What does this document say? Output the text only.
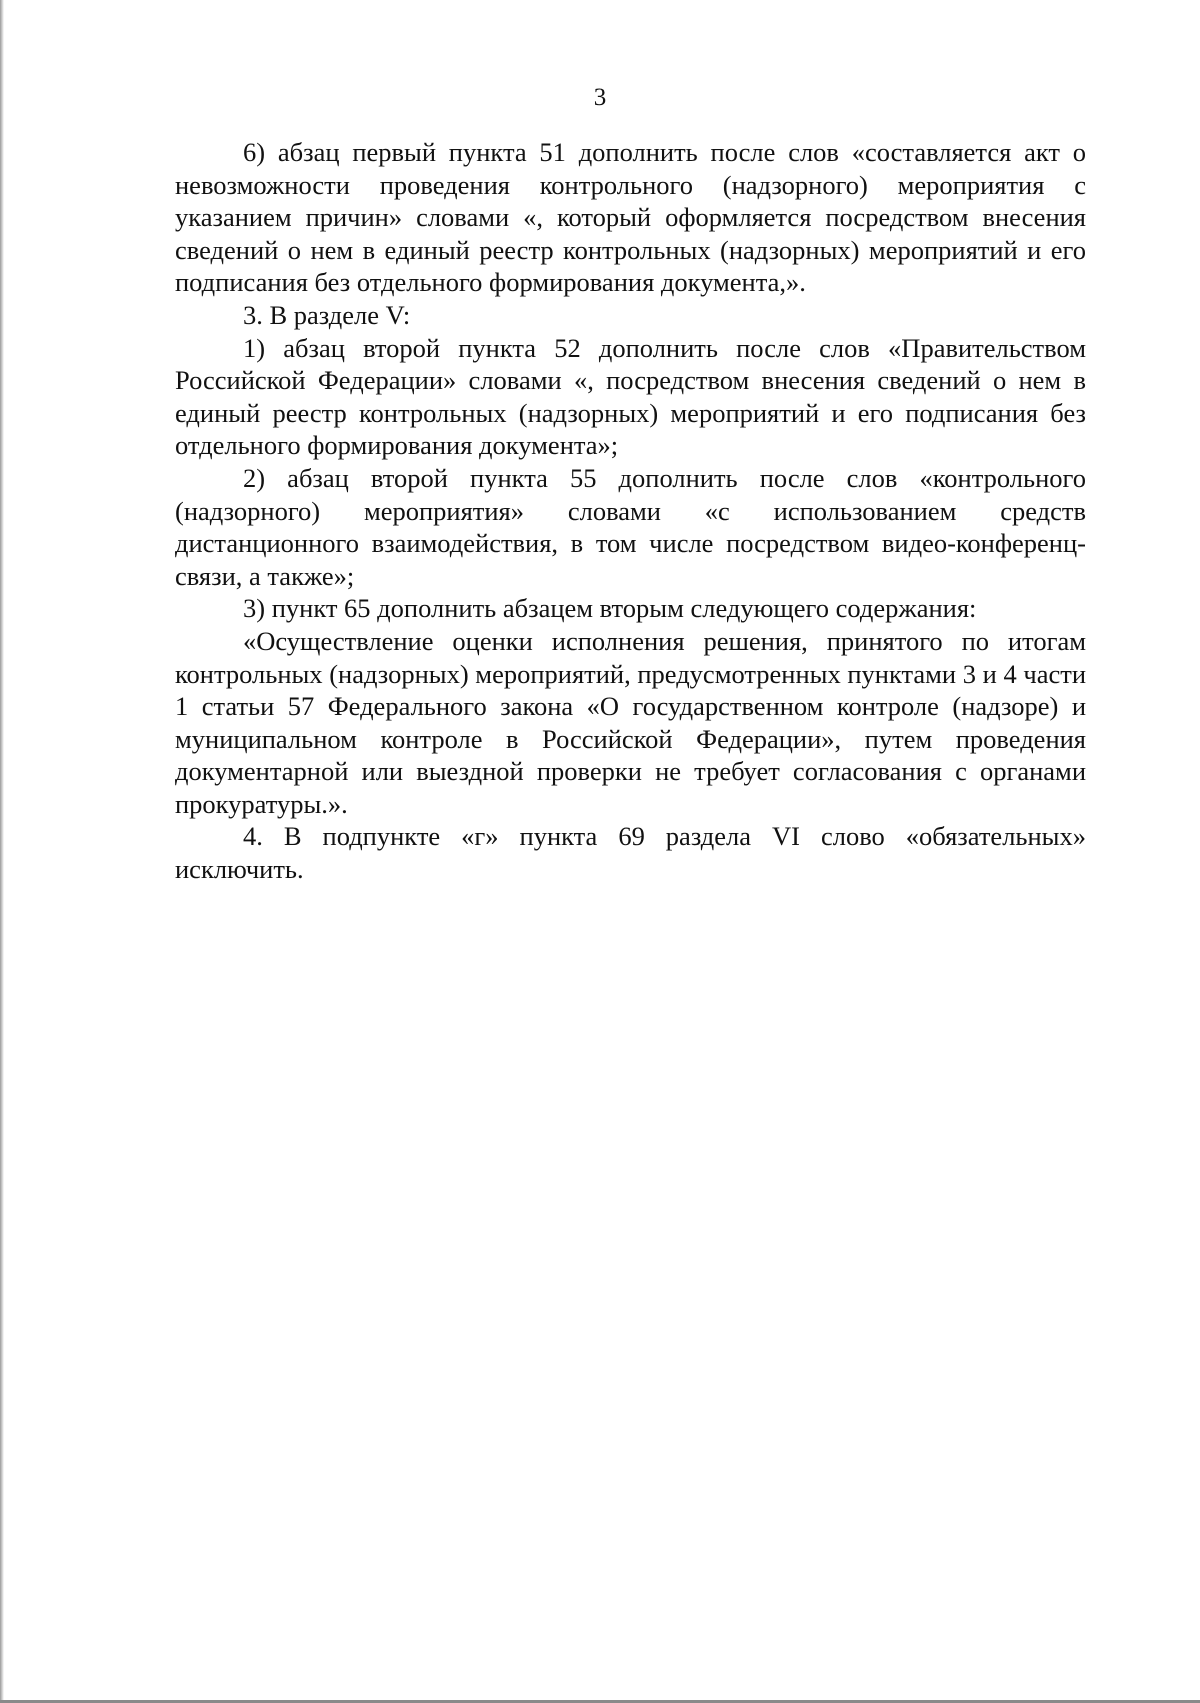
3

6) абзац первый пункта 51 дополнить после слов «составляется акт о невозможности проведения контрольного (надзорного) мероприятия с указанием причин» словами «, который оформляется посредством внесения сведений о нем в единый реестр контрольных (надзорных) мероприятий и его подписания без отдельного формирования документа,».

3. В разделе V:

1) абзац второй пункта 52 дополнить после слов «Правительством Российской Федерации» словами «, посредством внесения сведений о нем в единый реестр контрольных (надзорных) мероприятий и его подписания без отдельного формирования документа»;

2) абзац второй пункта 55 дополнить после слов «контрольного (надзорного) мероприятия» словами «с использованием средств дистанционного взаимодействия, в том числе посредством видео-конференц-связи, а также»;

3) пункт 65 дополнить абзацем вторым следующего содержания:

«Осуществление оценки исполнения решения, принятого по итогам контрольных (надзорных) мероприятий, предусмотренных пунктами 3 и 4 части 1 статьи 57 Федерального закона «О государственном контроле (надзоре) и муниципальном контроле в Российской Федерации», путем проведения документарной или выездной проверки не требует согласования с органами прокуратуры.».

4. В подпункте «г» пункта 69 раздела VI слово «обязательных» исключить.
